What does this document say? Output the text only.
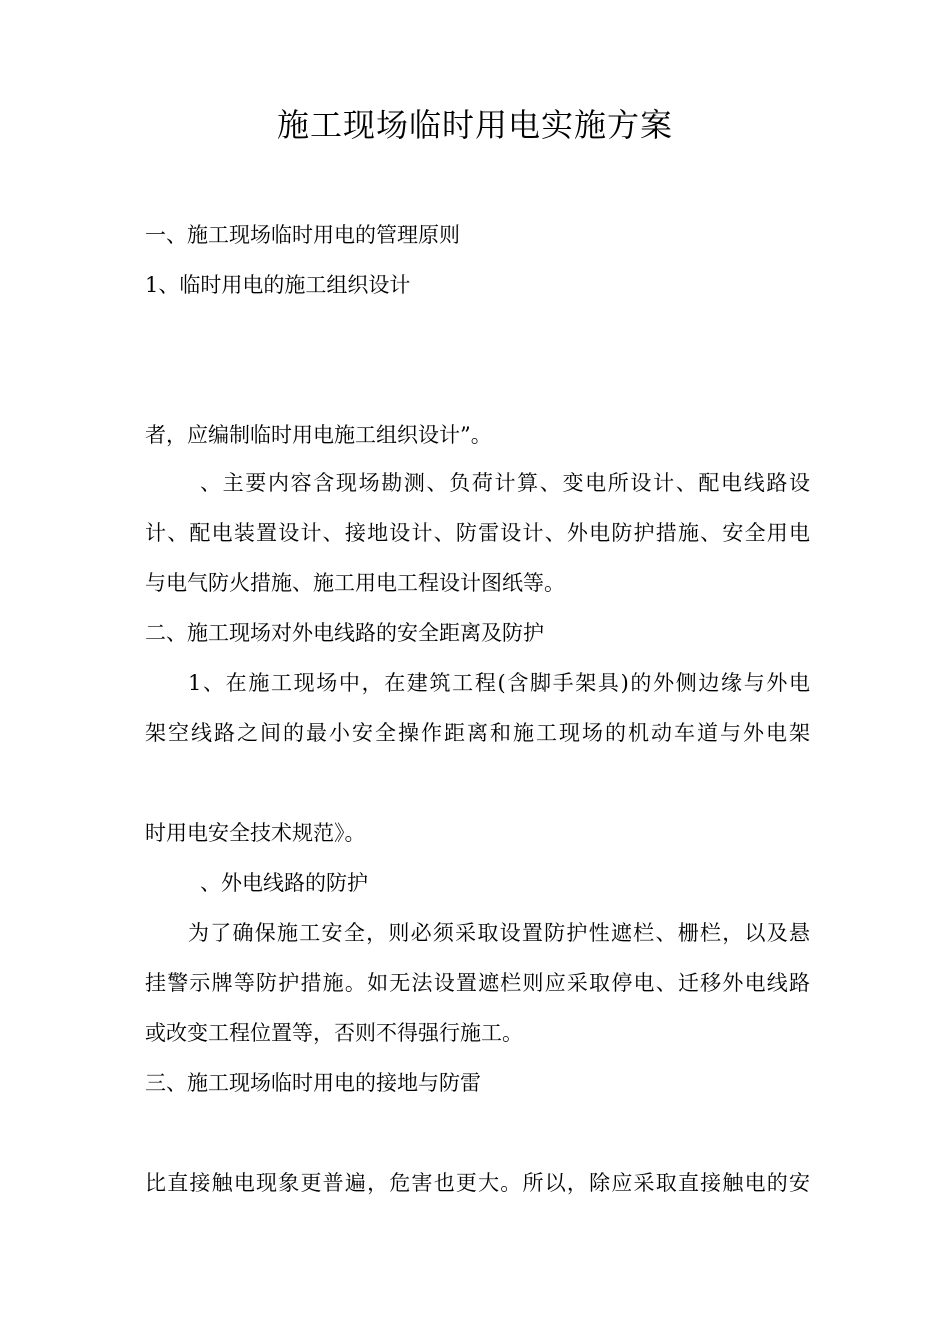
施工现场临时用电实施方案
一、施工现场临时用电的管理原则
1、临时用电的施工组织设计
者，应编制临时用电施工组织设计”。
、主要内容含现场勘测、负荷计算、变电所设计、配电线路设
计、配电装置设计、接地设计、防雷设计、外电防护措施、安全用电
与电气防火措施、施工用电工程设计图纸等。
二、施工现场对外电线路的安全距离及防护
1、在施工现场中，在建筑工程(含脚手架具)的外侧边缘与外电
架空线路之间的最小安全操作距离和施工现场的机动车道与外电架
时用电安全技术规范》。
、外电线路的防护
为了确保施工安全，则必须采取设置防护性遮栏、栅栏，以及悬
挂警示牌等防护措施。如无法设置遮栏则应采取停电、迁移外电线路
或改变工程位置等，否则不得强行施工。
三、施工现场临时用电的接地与防雷
比直接触电现象更普遍，危害也更大。所以，除应采取直接触电的安
